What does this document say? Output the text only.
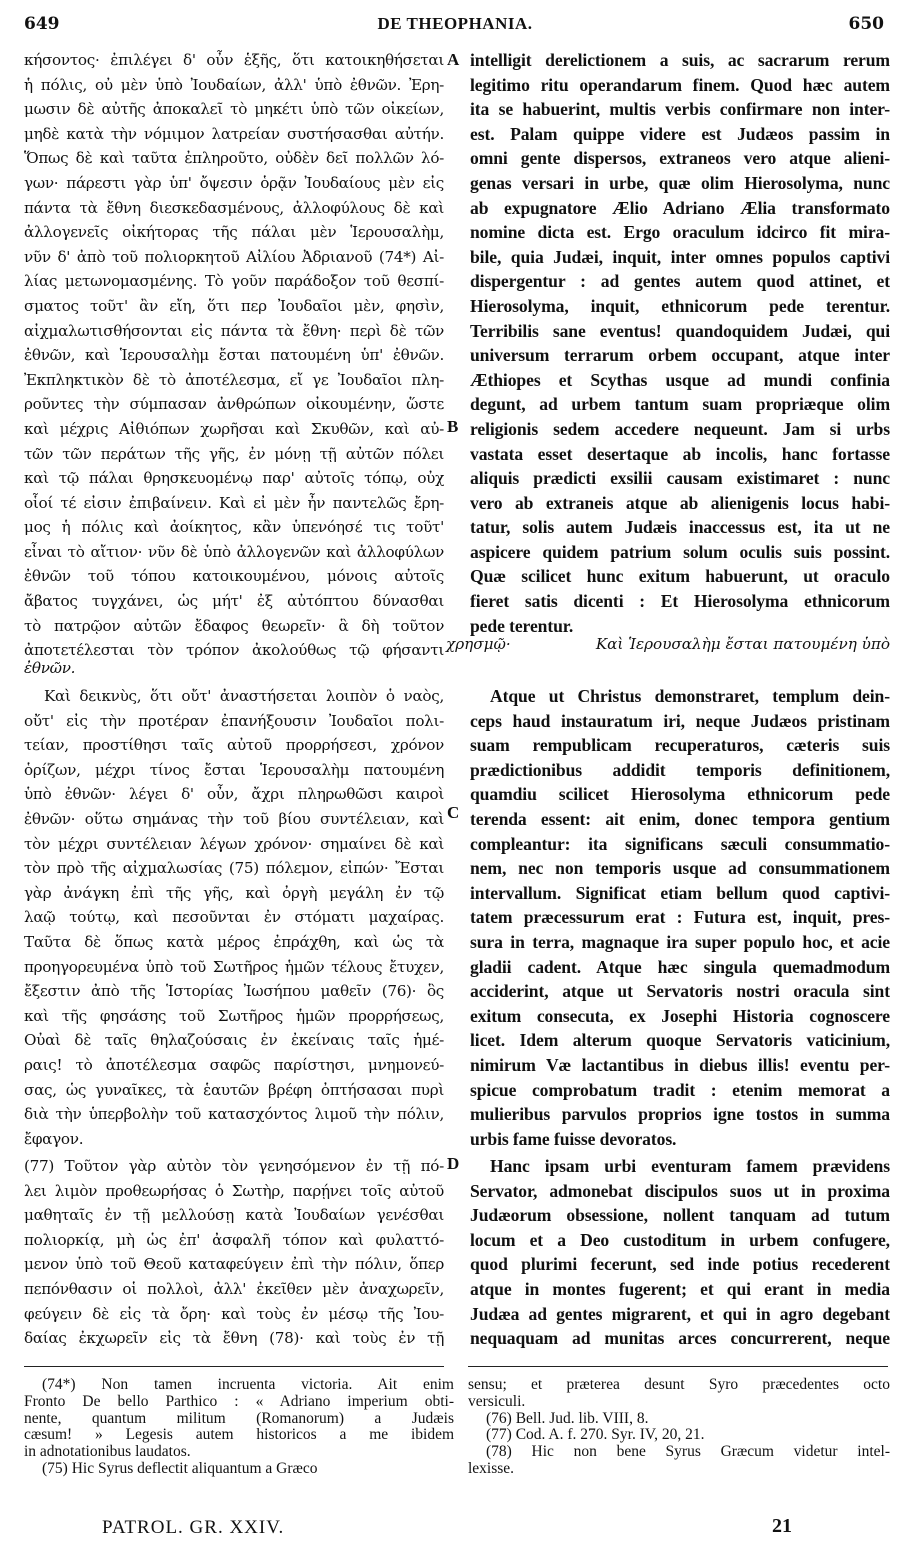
649	DE THEOPHANIA.	650
κήσοντος· ἐπιλέγει δ' οὖν ἑξῆς, ὅτι κατοικηθήσεται
ἡ πόλις, οὐ μὲν ὑπὸ Ἰουδαίων, ἀλλ' ὑπὸ ἐθνῶν. Ἐρη-
μωσιν δὲ αὐτῆς ἀποκαλεῖ τὸ μηκέτι ὑπὸ τῶν οἰκείων,
μηδὲ κατὰ τὴν νόμιμον λατρείαν συστήσασθαι αὐτήν.
Ὅπως δὲ καὶ ταῦτα ἐπληροῦτο, οὐδὲν δεῖ πολλῶν λό-
γων· πάρεστι γὰρ ὑπ' ὄψεσιν ὁρᾷν Ἰουδαίους μὲν εἰς
πάντα τὰ ἔθνη διεσκεδασμένους, ἀλλοφύλους δὲ καὶ
ἀλλογενεῖς οἰκήτορας τῆς πάλαι μὲν Ἱερουσαλὴμ,
νῦν δ' ἀπὸ τοῦ πολιορκητοῦ Αἰλίου Ἀδριανοῦ (74*) Αἰ-
λίας μετωνομασμένης. Τὸ γοῦν παράδοξον τοῦ θεσπί-
σματος τοῦτ' ἂν εἴη, ὅτι περ Ἰουδαῖοι μὲν, φησὶν,
αἰχμαλωτισθήσονται εἰς πάντα τὰ ἔθνη· περὶ δὲ τῶν
ἐθνῶν, καὶ Ἱερουσαλὴμ ἔσται πατουμένη ὑπ' ἐθνῶν.
Ἐκπληκτικὸν δὲ τὸ ἀποτέλεσμα, εἴ γε Ἰουδαῖοι πλη-
ροῦντες τὴν σύμπασαν ἀνθρώπων οἰκουμένην, ὥστε
καὶ μέχρις Αἰθιόπων χωρῆσαι καὶ Σκυθῶν, καὶ αὐ-
τῶν τῶν περάτων τῆς γῆς, ἐν μόνῃ τῇ αὐτῶν πόλει
καὶ τῷ πάλαι θρησκευομένῳ παρ' αὐτοῖς τόπῳ, οὐχ
οἷοί τέ εἰσιν ἐπιβαίνειν. Καὶ εἰ μὲν ἦν παντελῶς ἔρη-
μος ἡ πόλις καὶ ἀοίκητος, κἂν ὑπενόησέ τις τοῦτ'
εἶναι τὸ αἴτιον· νῦν δὲ ὑπὸ ἀλλογενῶν καὶ ἀλλοφύλων
ἐθνῶν τοῦ τόπου κατοικουμένου, μόνοις αὐτοῖς
ἄβατος τυγχάνει, ὡς μήτ' ἐξ αὐτόπτου δύνασθαι
τὸ πατρῷον αὐτῶν ἔδαφος θεωρεῖν· ἃ δὴ τοῦτον
ἀποτετέλεσται τὸν τρόπον ἀκολούθως τῷ φήσαντι
ἐθνῶν.
Καὶ δεικνὺς, ὅτι οὔτ' ἀναστήσεται λοιπὸν ὁ ναὸς,
οὔτ' εἰς τὴν προτέραν ἐπανήξουσιν Ἰουδαῖοι πολι-
τείαν, προστίθησι ταῖς αὐτοῦ προρρήσεσι, χρόνον
ὁρίζων, μέχρι τίνος ἔσται Ἱερουσαλὴμ πατουμένη
ὑπὸ ἐθνῶν· λέγει δ' οὖν, ἄχρι πληρωθῶσι καιροὶ
ἐθνῶν· οὕτω σημάνας τὴν τοῦ βίου συντέλειαν, καὶ
τὸν μέχρι συντέλειαν λέγων χρόνον· σημαίνει δὲ καὶ
τὸν πρὸ τῆς αἰχμαλωσίας (75) πόλεμον, εἰπών· Ἔσται
γὰρ ἀνάγκη ἐπὶ τῆς γῆς, καὶ ὀργὴ μεγάλη ἐν τῷ
λαῷ τούτῳ, καὶ πεσοῦνται ἐν στόματι μαχαίρας.
Ταῦτα δὲ ὅπως κατὰ μέρος ἐπράχθη, καὶ ὡς τὰ
προηγορευμένα ὑπὸ τοῦ Σωτῆρος ἡμῶν τέλους ἔτυχεν,
ἔξεστιν ἀπὸ τῆς Ἱστορίας Ἰωσήπου μαθεῖν (76)· ὃς
καὶ τῆς φησάσης τοῦ Σωτῆρος ἡμῶν προρρήσεως,
Οὐαὶ δὲ ταῖς θηλαζούσαις ἐν ἐκείναις ταῖς ἡμέ-
ραις! τὸ ἀποτέλεσμα σαφῶς παρίστησι, μνημονεύ-
σας, ὡς γυναῖκες, τὰ ἑαυτῶν βρέφη ὀπτήσασαι πυρὶ
διὰ τὴν ὑπερβολὴν τοῦ κατασχόντος λιμοῦ τὴν πόλιν,
ἔφαγον.
(77) Τοῦτον γὰρ αὐτὸν τὸν γενησόμενον ἐν τῇ πό-
λει λιμὸν προθεωρήσας ὁ Σωτὴρ, παρῄνει τοῖς αὐτοῦ
μαθηταῖς ἐν τῇ μελλούσῃ κατὰ Ἰουδαίων γενέσθαι
πολιορκίᾳ, μὴ ὡς ἐπ' ἀσφαλῆ τόπον καὶ φυλαττό-
μενον ὑπὸ τοῦ Θεοῦ καταφεύγειν ἐπὶ τὴν πόλιν, ὅπερ
πεπόνθασιν οἱ πολλοὶ, ἀλλ' ἐκεῖθεν μὲν ἀναχωρεῖν,
φεύγειν δὲ εἰς τὰ ὄρη· καὶ τοὺς ἐν μέσῳ τῆς Ἰου-
δαίας ἐκχωρεῖν εἰς τὰ ἔθνη (78)· καὶ τοὺς ἐν τῇ
intelligit derelictionem a suis, ac sacrarum rerum
legitimo ritu operandarum finem. Quod hæc autem
ita se habuerint, multis verbis confirmare non inter-
est. Palam quippe videre est Judæos passim in
omni gente dispersos, extraneos vero atque alieni-
genas versari in urbe, quæ olim Hierosolyma, nunc
ab expugnatore Ælio Adriano Ælia transformato
nomine dicta est. Ergo oraculum idcirco fit mira-
bile, quia Judæi, inquit, inter omnes populos captivi
dispergentur : ad gentes autem quod attinet, et
Hierosolyma, inquit, ethnicorum pede terentur.
Terribilis sane eventus! quandoquidem Judæi, qui
universum terrarum orbem occupant, atque inter
Æthiopes et Scythas usque ad mundi confinia
degunt, ad urbem tantum suam propriæque olim
religionis sedem accedere nequeunt. Jam si urbs
vastata esset desertaque ab incolis, hanc fortasse
aliquis prædicti exsilii causam existimaret : nunc
vero ab extraneis atque ab alienigenis locus habi-
tatur, solis autem Judæis inaccessus est, ita ut ne
aspicere quidem patrium solum oculis suis possint.
Quæ scilicet hunc exitum habuerunt, ut oraculo
fieret satis dicenti : Et Hierosolyma ethnicorum
pede terentur.
Atque ut Christus demonstraret, templum dein-
ceps haud instauratum iri, neque Judæos pristinam
suam rempublicam recuperaturos, cæteris suis
prædictionibus addidit temporis definitionem,
quamdiu scilicet Hierosolyma ethnicorum pede
terenda essent: ait enim, donec tempora gentium
compleantur: ita significans sæculi consummatio-
nem, nec non temporis usque ad consummationem
intervallum. Significat etiam bellum quod captivi-
tatem præcessurum erat : Futura est, inquit, pres-
sura in terra, magnaque ira super populo hoc, et acie
gladii cadent. Atque hæc singula quemadmodum
acciderint, atque ut Servatoris nostri oracula sint
exitum consecuta, ex Josephi Historia cognoscere
licet. Idem alterum quoque Servatoris vaticinium,
nimirum Væ lactantibus in diebus illis! eventu per-
spicue comprobatum tradit : etenim memorat a
mulieribus parvulos proprios igne tostos in summa
urbis fame fuisse devoratos.
Hanc ipsam urbi eventuram famem prævidens
Servator, admonebat discipulos suos ut in proxima
Judæorum obsessione, nollent tanquam ad tutum
locum et a Deo custoditum in urbem confugere,
quod plurimi fecerunt, sed inde potius recederent
atque in montes fugerent; et qui erant in media
Judæa ad gentes migrarent, et qui in agro degebant
nequaquam ad munitas arces concurrerent, neque
χρησμῷ·	Καὶ Ἱερουσαλὴμ ἔσται πατουμένη ὑπὸ
A
B
C
D
(74*) Non tamen incruenta victoria. Ait enim
Fronto De bello Parthico : « Adriano imperium obti-
nente, quantum militum (Romanorum) a Judæis
cæsum! » Legesis autem historicos a me ibidem
in adnotationibus laudatos.
(75) Hic Syrus deflectit aliquantum a Græco
sensu; et præterea desunt Syro præcedentes octo
versiculi.
(76) Bell. Jud. lib. VIII, 8.
(77) Cod. A. f. 270. Syr. IV, 20, 21.
(78) Hic non bene Syrus Græcum videtur intel-
lexisse.
PATROL. GR. XXIV.	21
